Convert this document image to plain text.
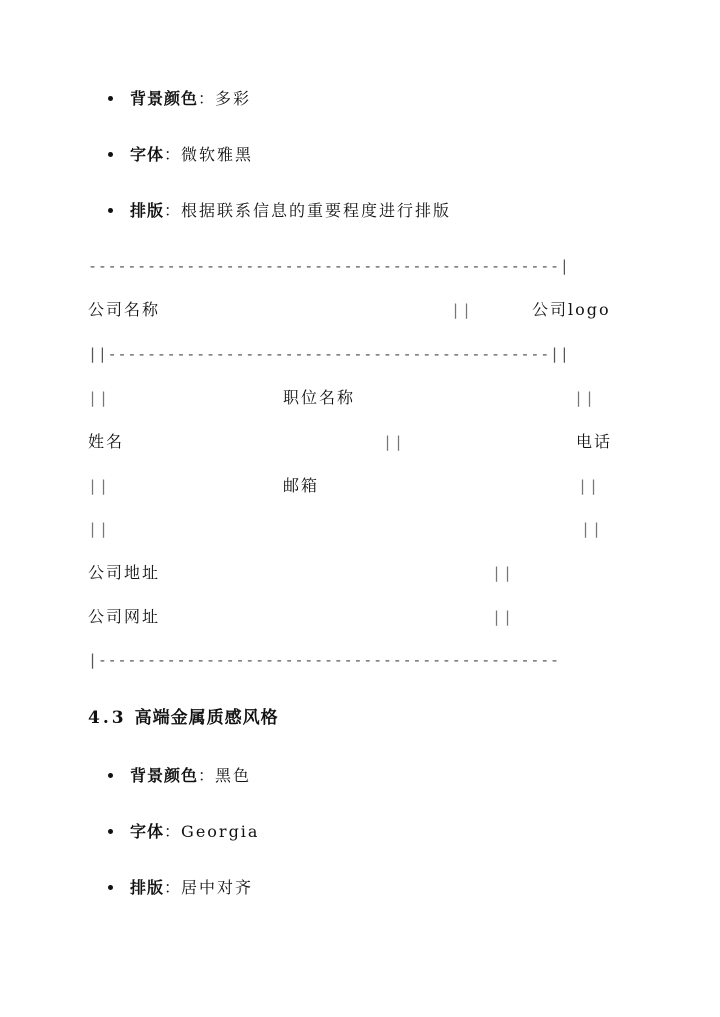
背景颜色：多彩
字体：微软雅黑
排版：根据联系信息的重要程度进行排版
------------------------------------------------|
公司名称	||	公司logo
||---------------------------------------------||
||	职位名称	||
姓名	||	电话
||	邮箱	||
||	||
公司地址	||
公司网址	||
|-----------------------------------------------
4.3 高端金属质感风格
背景颜色：黑色
字体：Georgia
排版：居中对齐
